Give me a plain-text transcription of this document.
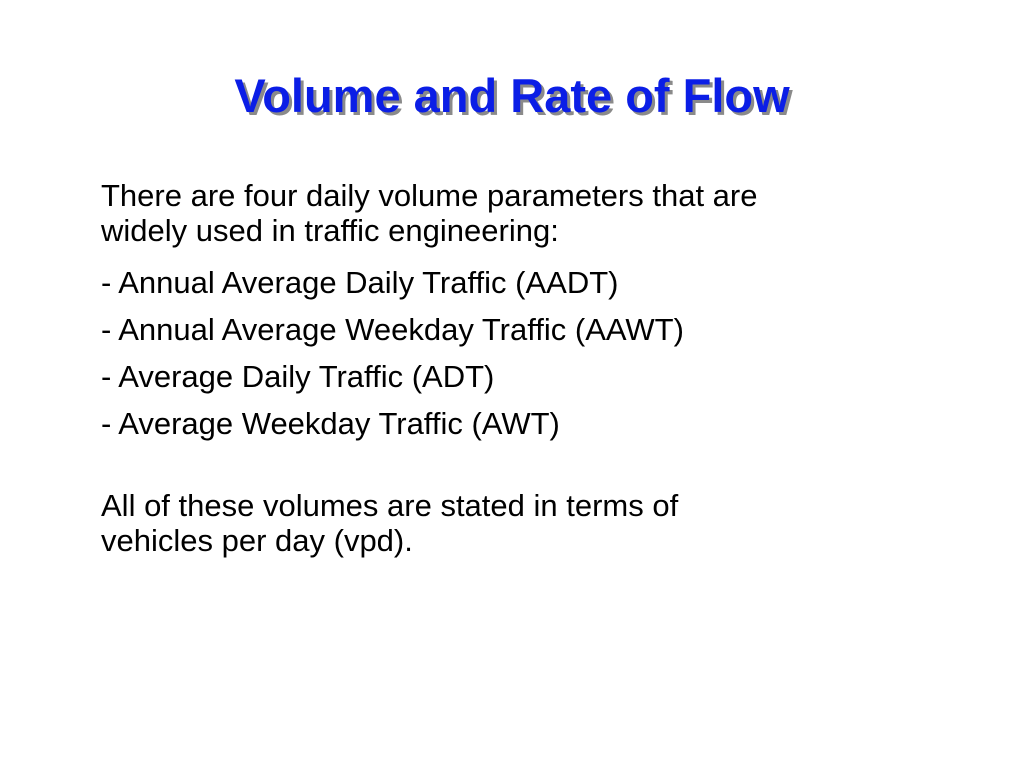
Volume and Rate of Flow
There are four daily volume parameters that are
widely used in traffic engineering:
- Annual Average Daily Traffic (AADT)
- Annual Average Weekday Traffic (AAWT)
- Average Daily Traffic (ADT)
- Average Weekday Traffic (AWT)
All of these volumes are stated in terms of
vehicles per day (vpd).
